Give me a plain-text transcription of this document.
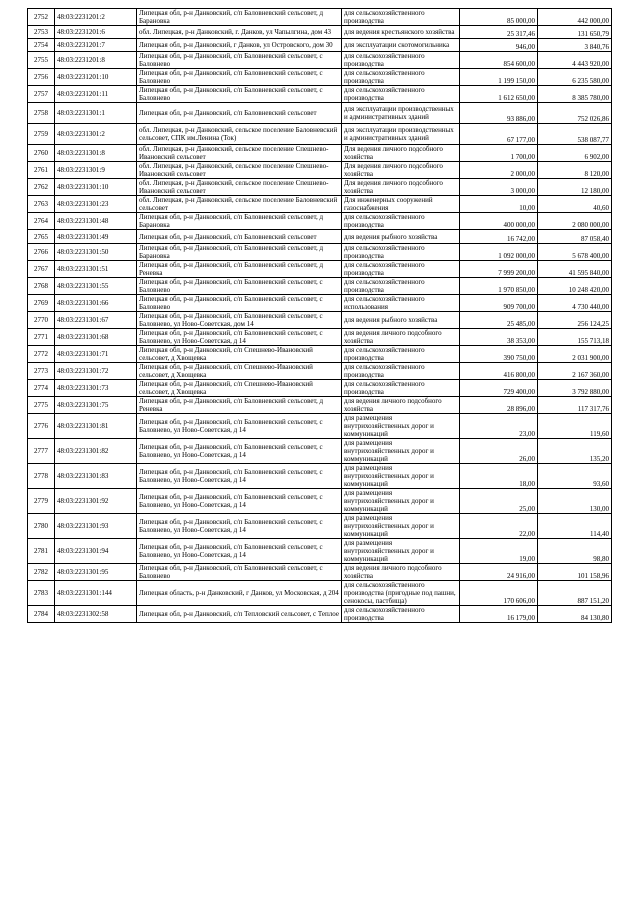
2752	48:03:2231201:2	Липецкая обл, р-н Данковский, с/п Баловневский сельсовет, д Барановка	для сельскохозяйственного производства	85 000,00	442 000,00
2753	48:03:2231201:6	обл. Липецкая, р-н Данковский, г. Данков, ул Чапылгина, дом 43	для ведения крестьянского хозяйства	25 317,46	131 650,79
2754	48:03:2231201:7	Липецкая обл, р-н Данковский, г Данков, ул Островского, дом 30	для эксплуатации скотомогильника	946,00	3 840,76
2755	48:03:2231201:8	Липецкая обл, р-н Данковский, с/п Баловневский сельсовет, с Баловнево	для сельскохозяйственного производства	854 600,00	4 443 920,00
2756	48:03:2231201:10	Липецкая обл, р-н Данковский, с/п Баловневский сельсовет, с Баловнево	для сельскохозяйственного производства	1 199 150,00	6 235 580,00
2757	48:03:2231201:11	Липецкая обл, р-н Данковский, с/п Баловневский сельсовет, с Баловнево	для сельскохозяйственного производства	1 612 650,00	8 385 780,00
2758	48:03:2231301:1	Липецкая обл, р-н Данковский, с/п Баловневский сельсовет	для эксплуатации производственных и административных зданий	93 886,00	752 026,86
2759	48:03:2231301:2	обл. Липецкая, р-н Данковский, сельское поселение Баловневский сельсовет, СПК им.Ленина (Ток)	для эксплуатации производственных и административных зданий	67 177,00	538 087,77
2760	48:03:2231301:8	обл. Липецкая, р-н Данковский, сельское поселение Спешнево-Ивановский сельсовет	Для ведения личного подсобного хозяйства	1 700,00	6 902,00
2761	48:03:2231301:9	обл. Липецкая, р-н Данковский, сельское поселение Спешнево-Ивановский сельсовет	Для ведения личного подсобного хозяйства	2 000,00	8 120,00
2762	48:03:2231301:10	обл. Липецкая, р-н Данковский, сельское поселение Спешнево-Ивановский сельсовет	Для ведения личного подсобного хозяйства	3 000,00	12 180,00
2763	48:03:2231301:23	обл. Липецкая, р-н Данковский, сельское поселение Баловневский сельсовет	Для инженерных сооружений газоснабжения	10,00	40,60
2764	48:03:2231301:48	Липецкая обл, р-н Данковский, с/п Баловневский сельсовет, д Барановка	для сельскохозяйственного производства	400 000,00	2 080 000,00
2765	48:03:2231301:49	Липецкая обл, р-н Данковский, с/п Баловневский сельсовет	для ведения рыбного хозяйства	16 742,00	87 058,40
2766	48:03:2231301:50	Липецкая обл, р-н Данковский, с/п Баловневский сельсовет, д Барановка	для сельскохозяйственного производства	1 092 000,00	5 678 400,00
2767	48:03:2231301:51	Липецкая обл, р-н Данковский, с/п Баловневский сельсовет, д Реневка	для сельскохозяйственного производства	7 999 200,00	41 595 840,00
2768	48:03:2231301:55	Липецкая обл, р-н Данковский, с/п Баловневский сельсовет, с Баловнево	для сельскохозяйственного производства	1 970 850,00	10 248 420,00
2769	48:03:2231301:66	Липецкая обл, р-н Данковский, с/п Баловневский сельсовет, с Баловнево	для сельскохозяйственного использования	909 700,00	4 730 440,00
2770	48:03:2231301:67	Липецкая обл, р-н Данковский, с/п Баловневский сельсовет, с Баловнево, ул Ново-Советская, дом 14	для ведения рыбного хозяйства	25 485,00	256 124,25
2771	48:03:2231301:68	Липецкая обл, р-н Данковский, с/п Баловневский сельсовет, с Баловнево, ул Ново-Советская, д 14	для ведения личного подсобного хозяйства	38 353,00	155 713,18
2772	48:03:2231301:71	Липецкая обл, р-н Данковский, с/п Спешнево-Ивановский сельсовет, д Хвощевка	для сельскохозяйственного производства	390 750,00	2 031 900,00
2773	48:03:2231301:72	Липецкая обл, р-н Данковский, с/п Спешнево-Ивановский сельсовет, д Хвощевка	для сельскохозяйственного производства	416 800,00	2 167 360,00
2774	48:03:2231301:73	Липецкая обл, р-н Данковский, с/п Спешнево-Ивановский сельсовет, д Хвощевка	для сельскохозяйственного производства	729 400,00	3 792 880,00
2775	48:03:2231301:75	Липецкая обл, р-н Данковский, с/п Баловневский сельсовет, д Реневка	для ведения личного подсобного хозяйства	28 896,00	117 317,76
2776	48:03:2231301:81	Липецкая обл, р-н Данковский, с/п Баловневский сельсовет, с Баловнево, ул Ново-Советская, д 14	для размещения внутрихозяйственных дорог и коммуникаций	23,00	119,60
2777	48:03:2231301:82	Липецкая обл, р-н Данковский, с/п Баловневский сельсовет, с Баловнево, ул Ново-Советская, д 14	для размещения внутрихозяйственных дорог и коммуникаций	26,00	135,20
2778	48:03:2231301:83	Липецкая обл, р-н Данковский, с/п Баловневский сельсовет, с Баловнево, ул Ново-Советская, д 14	для размещения внутрихозяйственных дорог и коммуникаций	18,00	93,60
2779	48:03:2231301:92	Липецкая обл, р-н Данковский, с/п Баловневский сельсовет, с Баловнево, ул Ново-Советская, д 14	для размещения внутрихозяйственных дорог и коммуникаций	25,00	130,00
2780	48:03:2231301:93	Липецкая обл, р-н Данковский, с/п Баловневский сельсовет, с Баловнево, ул Ново-Советская, д 14	для размещения внутрихозяйственных дорог и коммуникаций	22,00	114,40
2781	48:03:2231301:94	Липецкая обл, р-н Данковский, с/п Баловневский сельсовет, с Баловнево, ул Ново-Советская, д 14	для размещения внутрихозяйственных дорог и коммуникаций	19,00	98,80
2782	48:03:2231301:95	Липецкая обл, р-н Данковский, с/п Баловневский сельсовет, с Баловнево	для ведения личного подсобного хозяйства	24 916,00	101 158,96
2783	48:03:2231301:144	Липецкая область, р-н Данковский, г Данков, ул Московская, д 204	для сельскохозяйственного производства (пригодные под пашни, сенокосы, пастбища)	170 606,00	887 151,20
2784	48:03:2231302:58	Липецкая обл, р-н Данковский, с/п Тепловский сельсовет, с Теплое	для сельскохозяйственного производства	16 179,00	84 130,80
